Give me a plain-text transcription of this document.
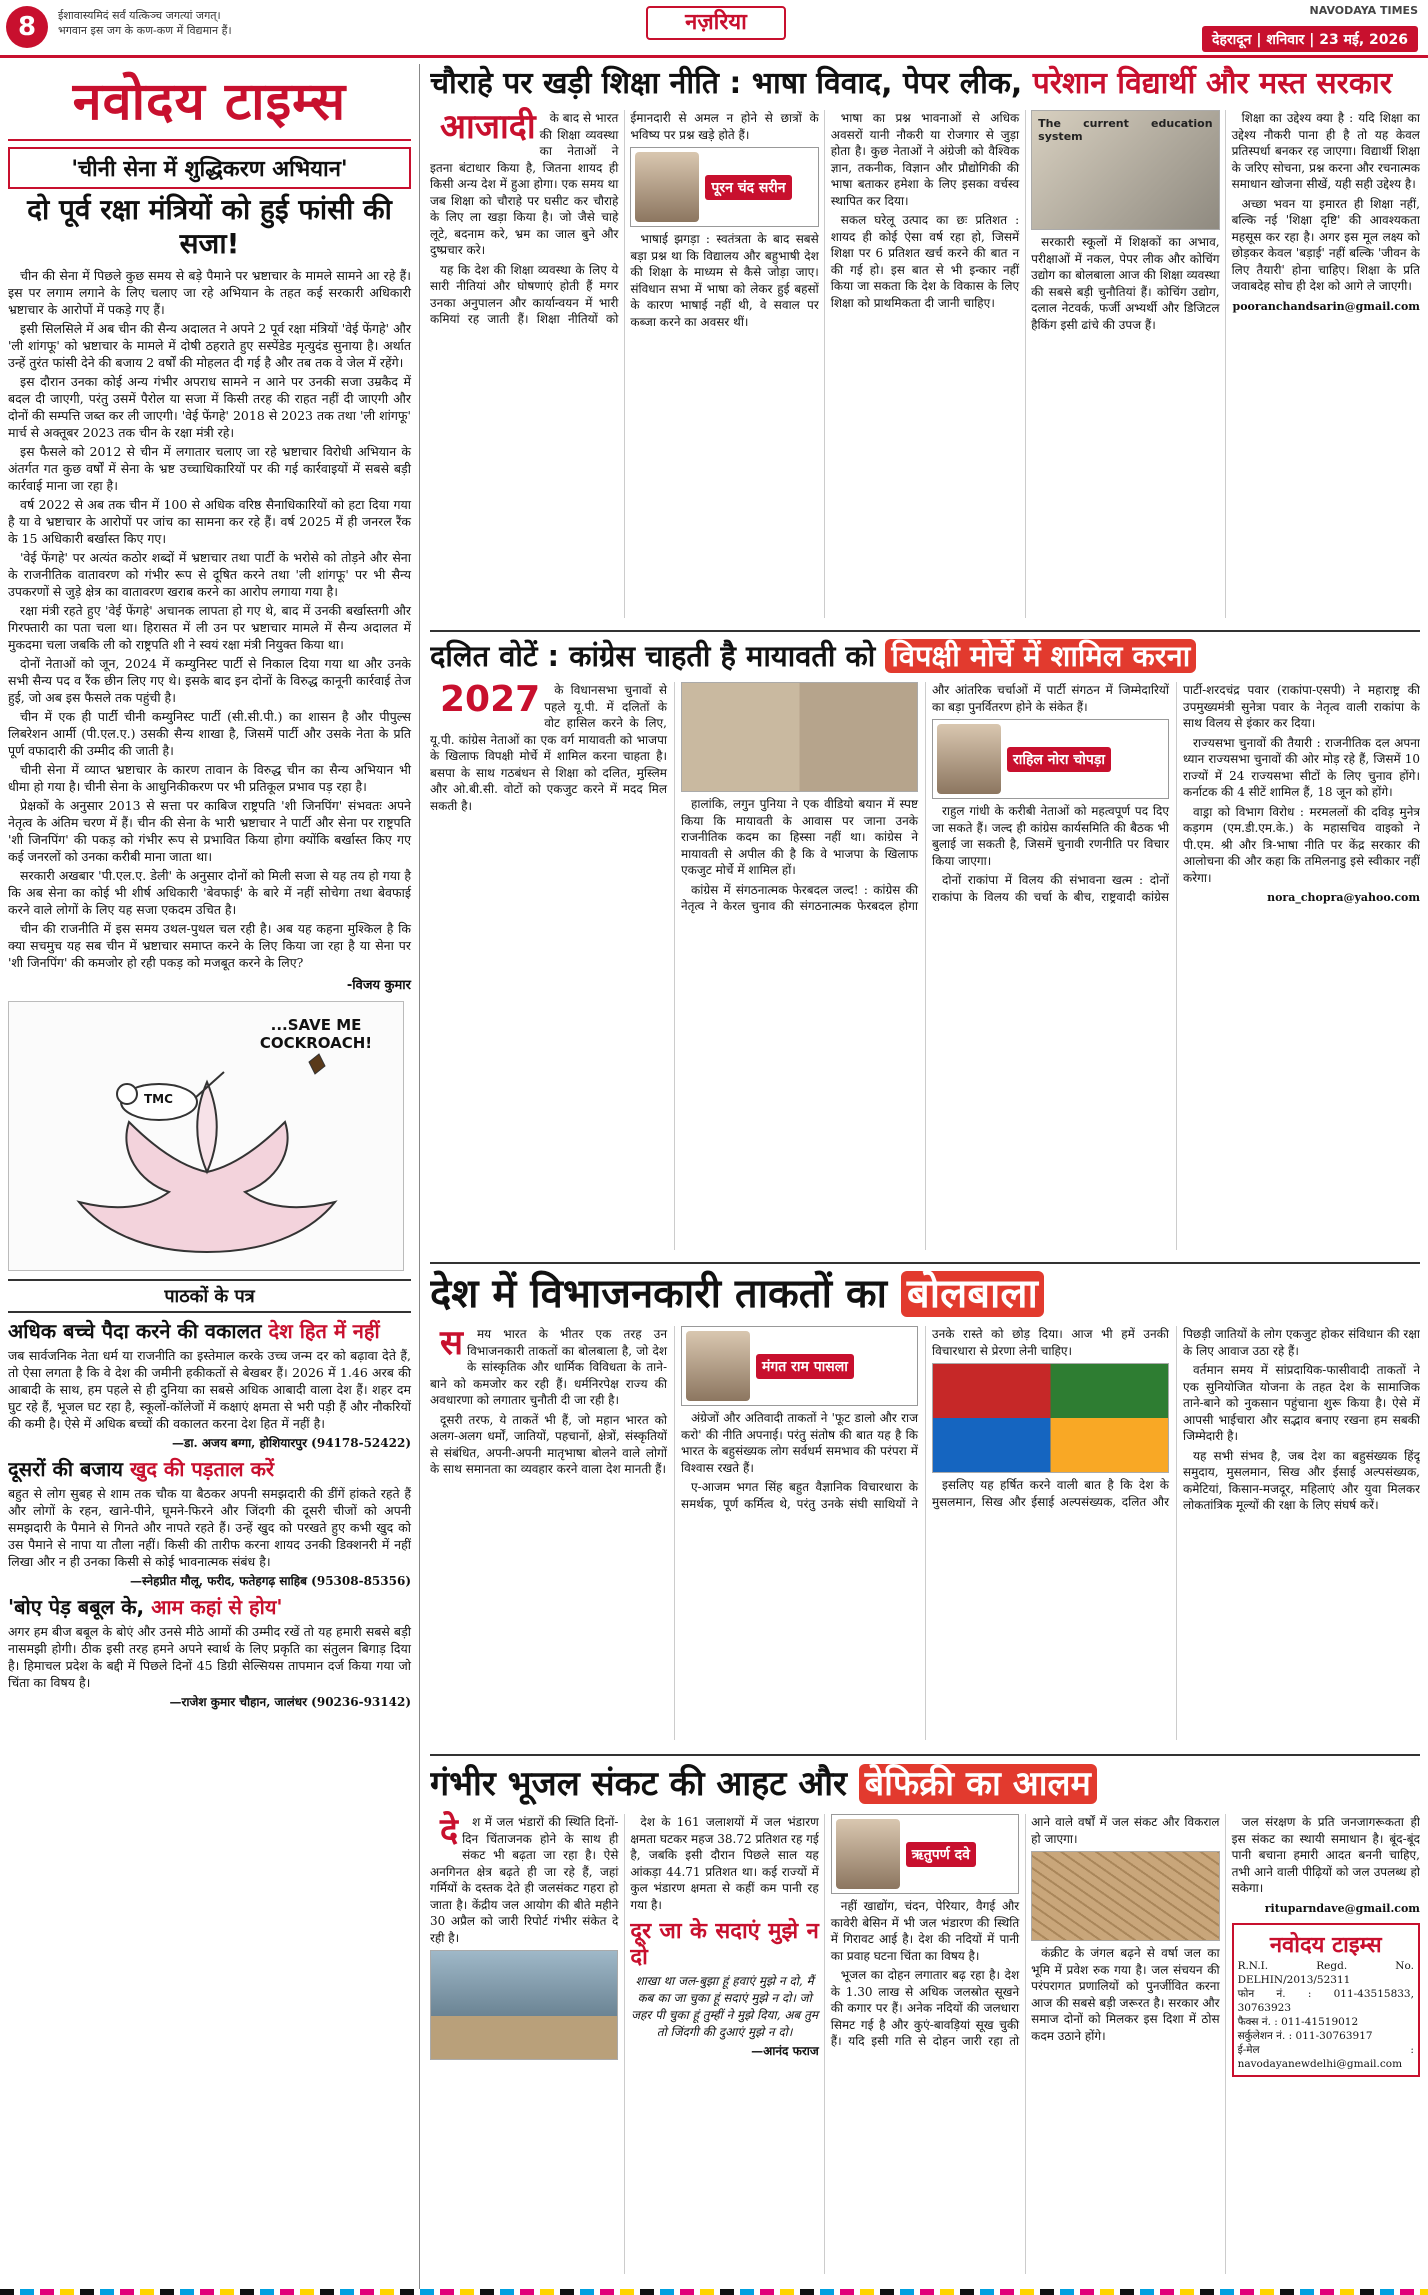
8	ईशावास्यमिदं सर्वं यत्किञ्च जगत्यां जगत्।
भगवान इस जग के कण-कण में विद्यमान हैं।	नज़रिया	NAVODAYA TIMES
देहरादून | शनिवार | 23 मई, 2026
नवोदय टाइम्स
'चीनी सेना में शुद्धिकरण अभियान'
दो पूर्व रक्षा मंत्रियों को हुई फांसी की सजा!

चीन की सेना में पिछले कुछ समय से बड़े पैमाने पर भ्रष्टाचार के मामले सामने आ रहे हैं। इस पर लगाम लगाने के लिए चलाए जा रहे अभियान के तहत कई सरकारी अधिकारी भ्रष्टाचार के आरोपों में पकड़े गए हैं।

इसी सिलसिले में अब चीन की सैन्य अदालत ने अपने 2 पूर्व रक्षा मंत्रियों 'वेई फेंगहे' और 'ली शांगफू' को भ्रष्टाचार के मामले में दोषी ठहराते हुए सस्पेंडेड मृत्युदंड सुनाया है। अर्थात उन्हें तुरंत फांसी देने की बजाय 2 वर्षों की मोहलत दी गई है और तब तक वे जेल में रहेंगे।

इस दौरान उनका कोई अन्य गंभीर अपराध सामने न आने पर उनकी सजा उम्रकैद में बदल दी जाएगी, परंतु उसमें पैरोल या सजा में किसी तरह की राहत नहीं दी जाएगी और दोनों की सम्पत्ति जब्त कर ली जाएगी। 'वेई फेंगहे' 2018 से 2023 तक तथा 'ली शांगफू' मार्च से अक्तूबर 2023 तक चीन के रक्षा मंत्री रहे।

इस फैसले को 2012 से चीन में लगातार चलाए जा रहे भ्रष्टाचार विरोधी अभियान के अंतर्गत गत कुछ वर्षों में सेना के भ्रष्ट उच्चाधिकारियों पर की गई कार्रवाइयों में सबसे बड़ी कार्रवाई माना जा रहा है।

वर्ष 2022 से अब तक चीन में 100 से अधिक वरिष्ठ सैनाधिकारियों को हटा दिया गया है या वे भ्रष्टाचार के आरोपों पर जांच का सामना कर रहे हैं। वर्ष 2025 में ही जनरल रैंक के 15 अधिकारी बर्खास्त किए गए।

'वेई फेंगहे' पर अत्यंत कठोर शब्दों में भ्रष्टाचार तथा पार्टी के भरोसे को तोड़ने और सेना के राजनीतिक वातावरण को गंभीर रूप से दूषित करने तथा 'ली शांगफू' पर भी सैन्य उपकरणों से जुड़े क्षेत्र का वातावरण खराब करने का आरोप लगाया गया है।

रक्षा मंत्री रहते हुए 'वेई फेंगहे' अचानक लापता हो गए थे, बाद में उनकी बर्खास्तगी और गिरफ्तारी का पता चला था। हिरासत में ली उन पर भ्रष्टाचार मामले में सैन्य अदालत में मुकदमा चला जबकि ली को राष्ट्रपति शी ने स्वयं रक्षा मंत्री नियुक्त किया था।

दोनों नेताओं को जून, 2024 में कम्युनिस्ट पार्टी से निकाल दिया गया था और उनके सभी सैन्य पद व रैंक छीन लिए गए थे। इसके बाद इन दोनों के विरुद्ध कानूनी कार्रवाई तेज हुई, जो अब इस फैसले तक पहुंची है।

चीन में एक ही पार्टी चीनी कम्युनिस्ट पार्टी (सी.सी.पी.) का शासन है और पीपुल्स लिबरेशन आर्मी (पी.एल.ए.) उसकी सैन्य शाखा है, जिसमें पार्टी और उसके नेता के प्रति पूर्ण वफादारी की उम्मीद की जाती है।

चीनी सेना में व्याप्त भ्रष्टाचार के कारण तावान के विरुद्ध चीन का सैन्य अभियान भी धीमा हो गया है। चीनी सेना के आधुनिकीकरण पर भी प्रतिकूल प्रभाव पड़ रहा है।

प्रेक्षकों के अनुसार 2013 से सत्ता पर काबिज राष्ट्रपति 'शी जिनपिंग' संभवतः अपने नेतृत्व के अंतिम चरण में हैं। चीन की सेना के भारी भ्रष्टाचार ने पार्टी और सेना पर राष्ट्रपति 'शी जिनपिंग' की पकड़ को गंभीर रूप से प्रभावित किया होगा क्योंकि बर्खास्त किए गए कई जनरलों को उनका करीबी माना जाता था।

सरकारी अखबार 'पी.एल.ए. डेली' के अनुसार दोनों को मिली सजा से यह तय हो गया है कि अब सेना का कोई भी शीर्ष अधिकारी 'बेवफाई' के बारे में नहीं सोचेगा तथा बेवफाई करने वाले लोगों के लिए यह सजा एकदम उचित है।

चीन की राजनीति में इस समय उथल-पुथल चल रही है। अब यह कहना मुश्किल है कि क्या सचमुच यह सब चीन में भ्रष्टाचार समाप्त करने के लिए किया जा रहा है या सेना पर 'शी जिनपिंग' की कमजोर हो रही पकड़ को मजबूत करने के लिए?

-विजय कुमार
...SAVE ME COCKROACH!
TMC
पाठकों के पत्र
अधिक बच्चे पैदा करने की वकालत देश हित में नहीं
जब सार्वजनिक नेता धर्म या राजनीति का इस्तेमाल करके उच्च जन्म दर को बढ़ावा देते हैं, तो ऐसा लगता है कि वे देश की जमीनी हकीकतों से बेखबर हैं। 2026 में 1.46 अरब की आबादी के साथ, हम पहले से ही दुनिया का सबसे अधिक आबादी वाला देश हैं। शहर दम घुट रहे हैं, भूजल घट रहा है, स्कूलों-कॉलेजों में कक्षाएं क्षमता से भरी पड़ी हैं और नौकरियों की कमी है। ऐसे में अधिक बच्चों की वकालत करना देश हित में नहीं है।
—डा. अजय बग्गा, होशियारपुर (94178-52422)
दूसरों की बजाय खुद की पड़ताल करें
बहुत से लोग सुबह से शाम तक चौक या बैठकर अपनी समझदारी की डींगें हांकते रहते हैं और लोगों के रहन, खाने-पीने, घूमने-फिरने और जिंदगी की दूसरी चीजों को अपनी समझदारी के पैमाने से गिनते और नापते रहते हैं। उन्हें खुद को परखते हुए कभी खुद को उस पैमाने से नापा या तौला नहीं। किसी की तारीफ करना शायद उनकी डिक्शनरी में नहीं लिखा और न ही उनका किसी से कोई भावनात्मक संबंध है।
—स्नेहप्रीत मौलू, फरीद, फतेहगढ़ साहिब (95308-85356)
'बोए पेड़ बबूल के, आम कहां से होय'
अगर हम बीज बबूल के बोएं और उनसे मीठे आमों की उम्मीद रखें तो यह हमारी सबसे बड़ी नासमझी होगी। ठीक इसी तरह हमने अपने स्वार्थ के लिए प्रकृति का संतुलन बिगाड़ दिया है। हिमाचल प्रदेश के बद्दी में पिछले दिनों 45 डिग्री सेल्सियस तापमान दर्ज किया गया जो चिंता का विषय है।
—राजेश कुमार चौहान, जालंधर (90236-93142)
चौराहे पर खड़ी शिक्षा नीति : भाषा विवाद, पेपर लीक, परेशान विद्यार्थी और मस्त सरकार

आजादी के बाद से भारत की शिक्षा व्यवस्था का नेताओं ने इतना बंटाधार किया है, जितना शायद ही किसी अन्य देश में हुआ होगा। एक समय था जब शिक्षा को चौराहे पर घसीट कर चौराहे के लिए ला खड़ा किया है। जो जैसे चाहे लूटे, बदनाम करे, भ्रम का जाल बुने और दुष्प्रचार करे।

यह कि देश की शिक्षा व्यवस्था के लिए ये सारी नीतियां और घोषणाएं होती हैं मगर उनका अनुपालन और कार्यान्वयन में भारी कमियां रह जाती हैं। शिक्षा नीतियों को ईमानदारी से अमल न होने से छात्रों के भविष्य पर प्रश्न खड़े होते हैं।

पूरन चंद सरीन

भाषाई झगड़ा : स्वतंत्रता के बाद सबसे बड़ा प्रश्न था कि विद्यालय और बहुभाषी देश की शिक्षा के माध्यम से कैसे जोड़ा जाए। संविधान सभा में भाषा को लेकर हुई बहसों के कारण भाषाई नहीं थी, वे सवाल पर कब्जा करने का अवसर थीं।

भाषा का प्रश्न भावनाओं से अधिक अवसरों यानी नौकरी या रोजगार से जुड़ा होता है। कुछ नेताओं ने अंग्रेजी को वैश्विक ज्ञान, तकनीक, विज्ञान और प्रौद्योगिकी की भाषा बताकर हमेशा के लिए इसका वर्चस्व स्थापित कर दिया।

सकल घरेलू उत्पाद का छः प्रतिशत : शायद ही कोई ऐसा वर्ष रहा हो, जिसमें शिक्षा पर 6 प्रतिशत खर्च करने की बात न की गई हो। इस बात से भी इन्कार नहीं किया जा सकता कि देश के विकास के लिए शिक्षा को प्राथमिकता दी जानी चाहिए।

The current education system

सरकारी स्कूलों में शिक्षकों का अभाव, परीक्षाओं में नकल, पेपर लीक और कोचिंग उद्योग का बोलबाला आज की शिक्षा व्यवस्था की सबसे बड़ी चुनौतियां हैं। कोचिंग उद्योग, दलाल नेटवर्क, फर्जी अभ्यर्थी और डिजिटल हैकिंग इसी ढांचे की उपज हैं।

शिक्षा का उद्देश्य क्या है : यदि शिक्षा का उद्देश्य नौकरी पाना ही है तो यह केवल प्रतिस्पर्धा बनकर रह जाएगा। विद्यार्थी शिक्षा के जरिए सोचना, प्रश्न करना और रचनात्मक समाधान खोजना सीखें, यही सही उद्देश्य है।

अच्छा भवन या इमारत ही शिक्षा नहीं, बल्कि नई 'शिक्षा दृष्टि' की आवश्यकता महसूस कर रहा है। अगर इस मूल लक्ष्य को छोड़कर केवल 'बड़ाई' नहीं बल्कि 'जीवन के लिए तैयारी' होना चाहिए। शिक्षा के प्रति जवाबदेह सोच ही देश को आगे ले जाएगी।

pooranchandsarin@gmail.com
दलित वोटें : कांग्रेस चाहती है मायावती को विपक्षी मोर्चे में शामिल करना

2027 के विधानसभा चुनावों से पहले यू.पी. में दलितों के वोट हासिल करने के लिए, यू.पी. कांग्रेस नेताओं का एक वर्ग मायावती को भाजपा के खिलाफ विपक्षी मोर्चे में शामिल करना चाहता है। बसपा के साथ गठबंधन से शिक्षा को दलित, मुस्लिम और ओ.बी.सी. वोटों को एकजुट करने में मदद मिल सकती है।	हालांकि, लगुन पुनिया ने एक वीडियो बयान में स्पष्ट किया कि मायावती के आवास पर जाना उनके राजनीतिक कदम का हिस्सा नहीं था। कांग्रेस ने मायावती से अपील की है कि वे भाजपा के खिलाफ एकजुट मोर्चे में शामिल हों।

कांग्रेस में संगठनात्मक फेरबदल जल्द! : कांग्रेस की नेतृत्व ने केरल चुनाव की संगठनात्मक फेरबदल होगा और आंतरिक चर्चाओं में पार्टी संगठन में जिम्मेदारियों का बड़ा पुनर्वितरण होने के संकेत हैं।

राहिल नोरा चोपड़ा

राहुल गांधी के करीबी नेताओं को महत्वपूर्ण पद दिए जा सकते हैं। जल्द ही कांग्रेस कार्यसमिति की बैठक भी बुलाई जा सकती है, जिसमें चुनावी रणनीति पर विचार किया जाएगा।

दोनों राकांपा में विलय की संभावना खत्म : दोनों राकांपा के विलय की चर्चा के बीच, राष्ट्रवादी कांग्रेस पार्टी-शरदचंद्र पवार (राकांपा-एसपी) ने महाराष्ट्र की उपमुख्यमंत्री सुनेत्रा पवार के नेतृत्व वाली राकांपा के साथ विलय से इंकार कर दिया।

राज्यसभा चुनावों की तैयारी : राजनीतिक दल अपना ध्यान राज्यसभा चुनावों की ओर मोड़ रहे हैं, जिसमें 10 राज्यों में 24 राज्यसभा सीटों के लिए चुनाव होंगे। कर्नाटक की 4 सीटें शामिल हैं, 18 जून को होंगे।

वाड्रा को विभाग विरोध : मरमललों की दविड़ मुनेत्र कड़गम (एम.डी.एम.के.) के महासचिव वाइको ने पी.एम. श्री और त्रि-भाषा नीति पर केंद्र सरकार की आलोचना की और कहा कि तमिलनाडु इसे स्वीकार नहीं करेगा।

nora_chopra@yahoo.com
देश में विभाजनकारी ताकतों का बोलबाला

स मय भारत के भीतर एक तरह उन विभाजनकारी ताकतों का बोलबाला है, जो देश के सांस्कृतिक और धार्मिक विविधता के ताने-बाने को कमजोर कर रही हैं। धर्मनिरपेक्ष राज्य की अवधारणा को लगातार चुनौती दी जा रही है।

दूसरी तरफ, ये ताकतें भी हैं, जो महान भारत को अलग-अलग धर्मों, जातियों, पहचानों, क्षेत्रों, संस्कृतियों से संबंधित, अपनी-अपनी मातृभाषा बोलने वाले लोगों के साथ समानता का व्यवहार करने वाला देश मानती हैं।

मंगत राम पासला

अंग्रेजों और अतिवादी ताकतों ने 'फूट डालो और राज करो' की नीति अपनाई। परंतु संतोष की बात यह है कि भारत के बहुसंख्यक लोग सर्वधर्म समभाव की परंपरा में विश्वास रखते हैं।

ए-आजम भगत सिंह बहुत वैज्ञानिक विचारधारा के समर्थक, पूर्ण कर्मित्व थे, परंतु उनके संघी साथियों ने उनके रास्ते को छोड़ दिया। आज भी हमें उनकी विचारधारा से प्रेरणा लेनी चाहिए।

इसलिए यह हर्षित करने वाली बात है कि देश के मुसलमान, सिख और ईसाई अल्पसंख्यक, दलित और पिछड़ी जातियों के लोग एकजुट होकर संविधान की रक्षा के लिए आवाज उठा रहे हैं।

वर्तमान समय में सांप्रदायिक-फासीवादी ताकतों ने एक सुनियोजित योजना के तहत देश के सामाजिक ताने-बाने को नुकसान पहुंचाना शुरू किया है। ऐसे में आपसी भाईचारा और सद्भाव बनाए रखना हम सबकी जिम्मेदारी है।

यह सभी संभव है, जब देश का बहुसंख्यक हिंदू समुदाय, मुसलमान, सिख और ईसाई अल्पसंख्यक, कमेटियां, किसान-मजदूर, महिलाएं और युवा मिलकर लोकतांत्रिक मूल्यों की रक्षा के लिए संघर्ष करें।

गंभीर भूजल संकट की आहट और बेफिक्री का आलम

दे श में जल भंडारों की स्थिति दिनों-दिन चिंताजनक होने के साथ ही संकट भी बढ़ता जा रहा है। ऐसे अनगिनत क्षेत्र बढ़ते ही जा रहे हैं, जहां गर्मियों के दस्तक देते ही जलसंकट गहरा हो जाता है। केंद्रीय जल आयोग की बीते महीने 30 अप्रैल को जारी रिपोर्ट गंभीर संकेत दे रही है।

देश के 161 जलाशयों में जल भंडारण क्षमता घटकर महज 38.72 प्रतिशत रह गई है, जबकि इसी दौरान पिछले साल यह आंकड़ा 44.71 प्रतिशत था। कई राज्यों में कुल भंडारण क्षमता से कहीं कम पानी रह गया है।

दूर जा के सदाएं मुझे न दो
शाखा था जल-बुझा हूं हवाएं मुझे न दो, मैं कब का जा चुका हूं सदाएं मुझे न दो। जो जहर पी चुका हूं तुम्हीं ने मुझे दिया, अब तुम तो जिंदगी की दुआएं मुझे न दो।
—आनंद फराज
ऋतुपर्ण दवे

नहीं खाद्योंग, चंदन, पेरियार, वैगई और कावेरी बेसिन में भी जल भंडारण की स्थिति में गिरावट आई है। देश की नदियों में पानी का प्रवाह घटना चिंता का विषय है।

भूजल का दोहन लगातार बढ़ रहा है। देश के 1.30 लाख से अधिक जलस्रोत सूखने की कगार पर हैं। अनेक नदियों की जलधारा सिमट गई है और कुएं-बावड़ियां सूख चुकी हैं। यदि इसी गति से दोहन जारी रहा तो आने वाले वर्षों में जल संकट और विकराल हो जाएगा।

कंक्रीट के जंगल बढ़ने से वर्षा जल का भूमि में प्रवेश रुक गया है। जल संचयन की परंपरागत प्रणालियों को पुनर्जीवित करना आज की सबसे बड़ी जरूरत है। सरकार और समाज दोनों को मिलकर इस दिशा में ठोस कदम उठाने होंगे।

जल संरक्षण के प्रति जनजागरूकता ही इस संकट का स्थायी समाधान है। बूंद-बूंद पानी बचाना हमारी आदत बननी चाहिए, तभी आने वाली पीढ़ियों को जल उपलब्ध हो सकेगा।

rituparndave@gmail.com
नवोदय टाइम्स
R.N.I. Regd. No. DELHIN/2013/52311
फोन नं. : 011-43515833, 30763923
फैक्स नं. : 011-41519012
सर्कुलेशन नं. : 011-30763917
ई-मेल : navodayanewdelhi@gmail.com
